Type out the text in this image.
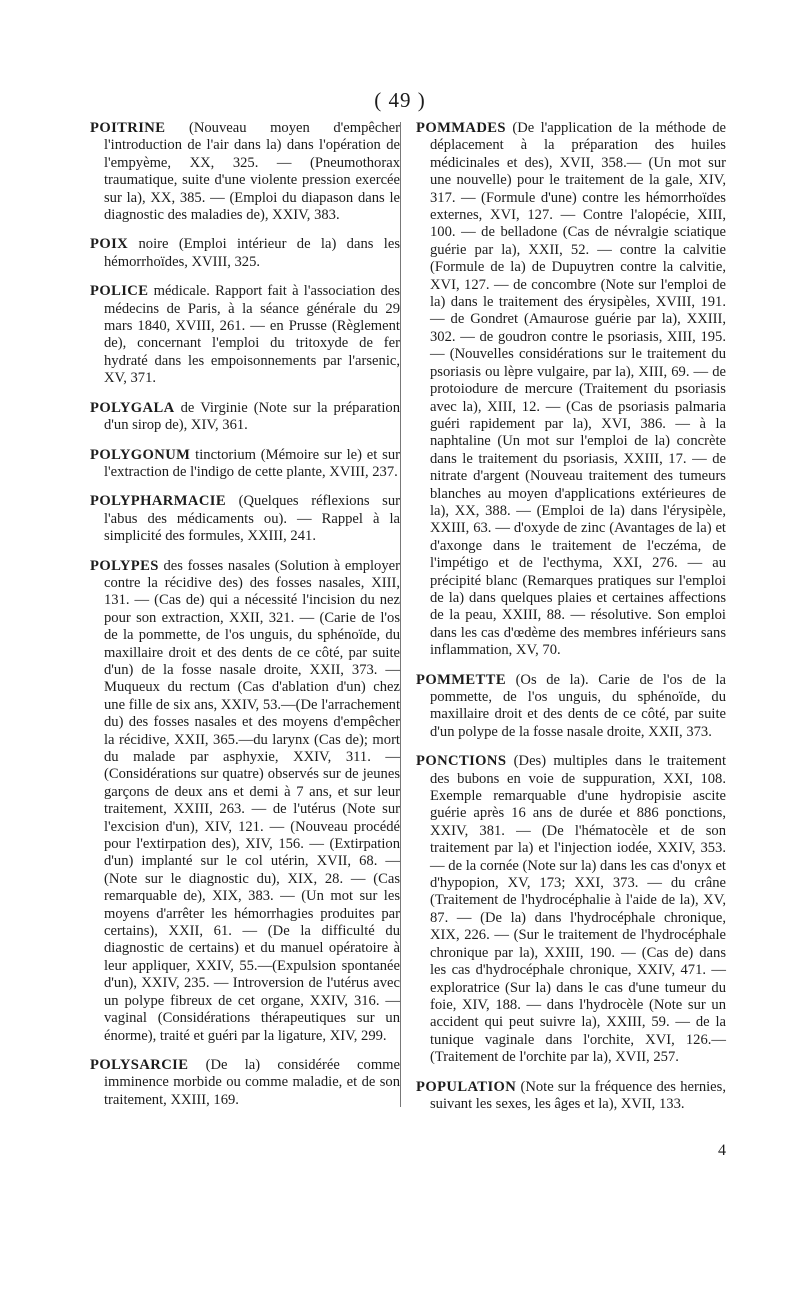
( 49 )

POITRINE (Nouveau moyen d'empêcher l'introduction de l'air dans la) dans l'opération de l'empyème, XX, 325. — (Pneumothorax traumatique, suite d'une violente pression exercée sur la), XX, 385. — (Emploi du diapason dans le diagnostic des maladies de), XXIV, 383.

POIX noire (Emploi intérieur de la) dans les hémorrhoïdes, XVIII, 325.

POLICE médicale. Rapport fait à l'association des médecins de Paris, à la séance générale du 29 mars 1840, XVIII, 261. — en Prusse (Règlement de), concernant l'emploi du tritoxyde de fer hydraté dans les empoisonnements par l'arsenic, XV, 371.

POLYGALA de Virginie (Note sur la préparation d'un sirop de), XIV, 361.

POLYGONUM tinctorium (Mémoire sur le) et sur l'extraction de l'indigo de cette plante, XVIII, 237.

POLYPHARMACIE (Quelques réflexions sur l'abus des médicaments ou). — Rappel à la simplicité des formules, XXIII, 241.

POLYPES des fosses nasales (Solution à employer contre la récidive des) des fosses nasales, XIII, 131. — (Cas de) qui a nécessité l'incision du nez pour son extraction, XXII, 321. — (Carie de l'os de la pommette, de l'os unguis, du sphénoïde, du maxillaire droit et des dents de ce côté, par suite d'un) de la fosse nasale droite, XXII, 373. — Muqueux du rectum (Cas d'ablation d'un) chez une fille de six ans, XXIV, 53.—(De l'arrachement du) des fosses nasales et des moyens d'empêcher la récidive, XXII, 365.—du larynx (Cas de); mort du malade par asphyxie, XXIV, 311. — (Considérations sur quatre) observés sur de jeunes garçons de deux ans et demi à 7 ans, et sur leur traitement, XXIII, 263. — de l'utérus (Note sur l'excision d'un), XIV, 121. — (Nouveau procédé pour l'extirpation des), XIV, 156. — (Extirpation d'un) implanté sur le col utérin, XVII, 68. — (Note sur le diagnostic du), XIX, 28. — (Cas remarquable de), XIX, 383. — (Un mot sur les moyens d'arrêter les hémorrhagies produites par certains), XXII, 61. — (De la difficulté du diagnostic de certains) et du manuel opératoire à leur appliquer, XXIV, 55.—(Expulsion spontanée d'un), XXIV, 235. — Introversion de l'utérus avec un polype fibreux de cet organe, XXIV, 316. — vaginal (Considérations thérapeutiques sur un énorme), traité et guéri par la ligature, XIV, 299.

POLYSARCIE (De la) considérée comme imminence morbide ou comme maladie, et de son traitement, XXIII, 169.

POMMADES (De l'application de la méthode de déplacement à la préparation des huiles médicinales et des), XVII, 358.— (Un mot sur une nouvelle) pour le traitement de la gale, XIV, 317. — (Formule d'une) contre les hémorrhoïdes externes, XVI, 127. — Contre l'alopécie, XIII, 100. — de belladone (Cas de névralgie sciatique guérie par la), XXII, 52. — contre la calvitie (Formule de la) de Dupuytren contre la calvitie, XVI, 127. — de concombre (Note sur l'emploi de la) dans le traitement des érysipèles, XVIII, 191. — de Gondret (Amaurose guérie par la), XXIII, 302. — de goudron contre le psoriasis, XIII, 195. — (Nouvelles considérations sur le traitement du psoriasis ou lèpre vulgaire, par la), XIII, 69. — de protoiodure de mercure (Traitement du psoriasis avec la), XIII, 12. — (Cas de psoriasis palmaria guéri rapidement par la), XVI, 386. — à la naphtaline (Un mot sur l'emploi de la) concrète dans le traitement du psoriasis, XXIII, 17. — de nitrate d'argent (Nouveau traitement des tumeurs blanches au moyen d'applications extérieures de la), XX, 388. — (Emploi de la) dans l'érysipèle, XXIII, 63. — d'oxyde de zinc (Avantages de la) et d'axonge dans le traitement de l'eczéma, de l'impétigo et de l'ecthyma, XXI, 276. — au précipité blanc (Remarques pratiques sur l'emploi de la) dans quelques plaies et certaines affections de la peau, XXIII, 88. — résolutive. Son emploi dans les cas d'œdème des membres inférieurs sans inflammation, XV, 70.

POMMETTE (Os de la). Carie de l'os de la pommette, de l'os unguis, du sphénoïde, du maxillaire droit et des dents de ce côté, par suite d'un polype de la fosse nasale droite, XXII, 373.

PONCTIONS (Des) multiples dans le traitement des bubons en voie de suppuration, XXI, 108. Exemple remarquable d'une hydropisie ascite guérie après 16 ans de durée et 886 ponctions, XXIV, 381. — (De l'hématocèle et de son traitement par la) et l'injection iodée, XXIV, 353.— de la cornée (Note sur la) dans les cas d'onyx et d'hypopion, XV, 173; XXI, 373. — du crâne (Traitement de l'hydrocéphalie à l'aide de la), XV, 87. — (De la) dans l'hydrocéphale chronique, XIX, 226. — (Sur le traitement de l'hydrocéphale chronique par la), XXIII, 190. — (Cas de) dans les cas d'hydrocéphale chronique, XXIV, 471. — exploratrice (Sur la) dans le cas d'une tumeur du foie, XIV, 188. — dans l'hydrocèle (Note sur un accident qui peut suivre la), XXIII, 59. — de la tunique vaginale dans l'orchite, XVI, 126.— (Traitement de l'orchite par la), XVII, 257.

POPULATION (Note sur la fréquence des hernies, suivant les sexes, les âges et la), XVII, 133.

4
